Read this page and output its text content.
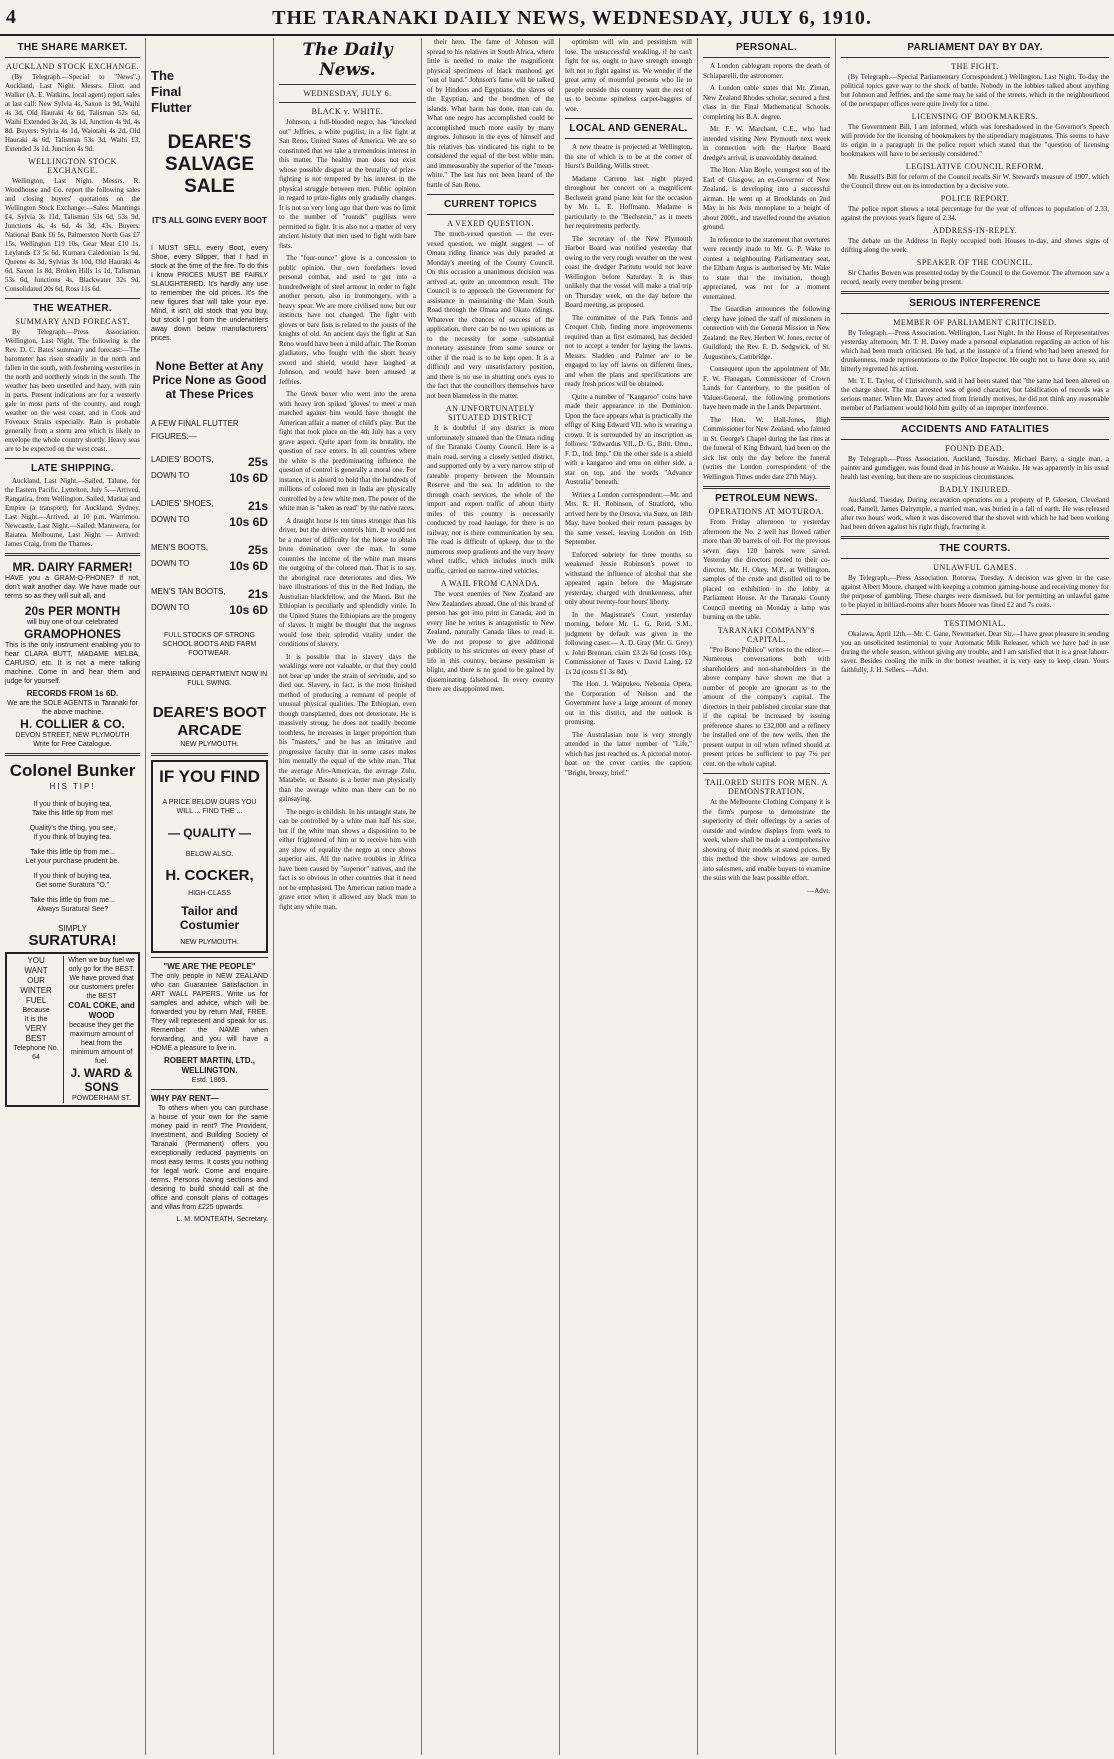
4	THE TARANAKI DAILY NEWS, WEDNESDAY, JULY 6, 1910.
THE SHARE MARKET.
AUCKLAND STOCK EXCHANGE.

(By Telegraph.—Special to "News".) Auckland, Last Night. Messrs. Eliott and Walker (A. E. Watkins, local agent) report sales at last call: New Sylvia 4s, Saxon 1s 9d, Waihi 4s 3d, Old Hauraki 4s 6d, Talisman 52s 6d, Waihi Extended 3s 2d, 3s 1d, Junction 4s 9d, 4s 8d. Buyers: Sylvia 4s 1d, Waiotahi 4s 2d, Old Hauraki 4s 6d, Talisman 53s 3d, Waihi £3, Extended 3s 1d, Junction 4s 9d.

WELLINGTON STOCK EXCHANGE.

Wellington, Last Night. Messrs. R. Woodhouse and Co. report the following sales and closing buyers' quotations on the Wellington Stock Exchange:—Sales: Mannings £4, Sylvia 3s 11d, Talisman 53s 6d, 53s 9d, Junctions 4s, 4s 6d, 4s 3d, 43s. Buyers: National Bank £6 5s, Palmerston North Gas £7 15s, Wellington £19 10s, Gear Meat £10 1s, Leylands £3 5s 6d, Kurnara Caledonian 1s 9d, Queens 4s 3d, Sylvias 3s 10d, Old Hauraki 4s 6d, Saxon 1s 8d, Broken Hills 1s 1d, Talisman 53s 6d, Junctions 4s, Blackwater 32s 9d, Consolidated 20s 6d, Ross 11s 6d.

THE WEATHER.
SUMMARY AND FORECAST.

By Telegraph.—Press Association. Wellington, Last Night. The following is the Rev. D. C. Bates' summary and forecast:—The barometer has risen steadily in the north and fallen in the south, with freshening westerlies in the north and northerly winds in the south. The weather has been unsettled and hazy, with rain in parts. Present indications are for a westerly gale in most parts of the country, and rough weather on the west coast, and in Cook and Foveaux Straits especially. Rain is probable generally from a storm area which is likely to envelope the whole country shortly. Heavy seas are to be expected on the west coast.

LATE SHIPPING.

Auckland, Last Night.—Sailed, Talune, for the Eastern Pacific. Lyttelton, July 5.—Arrived, Rangatira, from Wellington. Sailed, Maritai and Empire (a transport), for Auckland. Sydney, Last Night.—Arrived, at 10 p.m. Warrimoo. Newcastle, Last Night.—Sailed: Manuwera, for Raiatea. Melbourne, Last Night. — Arrived: James Craig, from the Thames.

MR. DAIRY FARMER!

HAVE you a GRAM-O-PHONE? If not, don't wait another day. We have made our terms so as they will suit all, and

20s PER MONTH
will buy one of our celebrated
GRAMOPHONES

This is the only instrument enabling you to hear CLARA BUTT, MADAME MELBA, CARUSO, etc. It is not a mere talking machine. Come in and hear them and judge for yourself.

RECORDS FROM 1s 6D.
We are the SOLE AGENTS in Taranaki for the above machine.
H. COLLIER & CO.
DEVON STREET, NEW PLYMOUTH
Write for Free Catalogue.
Colonel Bunker
HIS TIP!
If you think of buying tea,
Take this little tip from me!
Quality's the thing, you see,
If you think of buying tea.
Take this little tip from me...
Let your purchase prudent be.
If you think of buying tea,
Get some Suratura "O."
Take this little tip from me...
Always Suratura! See?
SIMPLY
SURATURA!
YOU
WANT
OUR
WINTER
FUEL
Because
It is the
VERY
BEST
Telephone No. 64
When we buy fuel we only go for the BEST. We have proved that our customers prefer the BEST
COAL COKE, and WOOD
because they get the maximum amount of heat from the minimum amount of fuel.
J. WARD & SONS
POWDERHAM ST.
The
Final
Flutter
DEARE'S SALVAGE SALE
IT'S ALL GOING EVERY BOOT

I MUST SELL every Boot, every Shoe, every Slipper, that I had in stock at the time of the fire. To do this I know PRICES MUST BE FAIRLY SLAUGHTERED. It's hardly any use to remember the old prices. It's the new figures that will take your eye. Mind, it isn't old stock that you buy, but stock I got from the underwriters away down below manufacturers' prices.

None Better at Any Price None as Good at These Prices
A FEW FINAL FLUTTER FIGURES:—
LADIES' BOOTS,	25s
DOWN TO	10s 6D
LADIES' SHOES,	21s
DOWN TO	10s 6D
MEN'S BOOTS,	25s
DOWN TO	10s 6D
MEN'S TAN BOOTS, 21s
DOWN TO	10s 6D
FULL STOCKS OF STRONG SCHOOL BOOTS AND FARM FOOTWEAR.
REPAIRING DEPARTMENT NOW IN FULL SWING.
DEARE'S BOOT ARCADE
NEW PLYMOUTH.
IF YOU FIND
A PRICE BELOW OURS YOU WILL ... FIND THE ...
— QUALITY —
BELOW ALSO.
H. COCKER,
HIGH-CLASS
Tailor and Costumier
NEW PLYMOUTH.
"WE ARE THE PEOPLE"

The only people in NEW ZEALAND who can Guarantee Satisfaction in ART WALL PAPERS. Write us for samples and advice, which will be forwarded you by return Mail, FREE. They will represent and speak for us. Remember the NAME when forwarding, and you will have a HOME a pleasure to live in.

ROBERT MARTIN, LTD., WELLINGTON.
Estd. 1869.
WHY PAY RENT—

To others when you can purchase a house of your own for the same money paid in rent? The Provident, Investment, and Building Society of Taranaki (Permanent) offers you exceptionally reduced payments on most easy terms. It costs you nothing for legal work. Come and enquire terms. Persons having sections and desiring to build should call at the office and consult plans of cottages and villas from £225 upwards.

L. M. MONTEATH, Secretary.
The Daily News.
WEDNESDAY, JULY 6.
BLACK v. WHITE.

Johnson, a full-blooded negro, has "knocked out" Jeffries, a white pugilist, in a fist fight at San Reno, United States of America. We are so constituted that we take a tremendous interest in this matter. The healthy man does not exist whose possible disgust at the brutality of prize-fighting is not tempered by his interest in the physical struggle between men. Public opinion in regard to prize-fights only gradually changes. It is not so very long ago that there was no limit to the number of "rounds" pugilists were permitted to fight. It is also not a matter of very ancient history that men used to fight with bare fists.

The "four-ounce" glove is a concession to public opinion. Our own forefathers loved personal combat, and used to get into a hundredweight of steel armour in order to fight another person, also in ironmongery, with a heavy spear. We are more civilised now, but our instincts have not changed. The fight with gloves or bare fists is related to the jousts of the knights of old. An ancient days the fight at San Reno would have been a mild affair. The Roman gladiators, who fought with the short heavy sword and shield, would have laughed at Johnson, and would have been amused at Jeffries.

The Greek boxer who went into the arena with heavy iron spiked 'gloves' to meet a man matched against him would have thought the American affair a matter of child's play. But the fight that took place on the 4th July has a very grave aspect. Quite apart from its brutality, the question of race enters. In all countries where the white is the predominating influence the question of control is generally a moral one. For instance, it is absurd to hold that the hundreds of millions of colored men in India are physically controlled by a few white men. The power of the white man is "taken as read" by the native races.

A draught horse is ten times stronger than his driver, but the driver controls him. It would not be a matter of difficulty for the horse to obtain brute domination over the man. In some countries the income of the white man means the outgoing of the colored man. That is to say, the aboriginal race deteriorates and dies. We have illustrations of this in the Red Indian, the Australian blackfellow, and the Maori. But the Ethiopian is peculiarly and splendidly virile. In the United States the Ethiopians are the progeny of slaves. It might be thought that the negroes would lose their splendid vitality under the conditions of slavery.

It is possible that in slavery days the weaklings were not valuable, or that they could not bear up under the strain of servitude, and so died out. Slavery, in fact, is the most finished method of producing a remnant of people of unusual physical qualities. The Ethiopian, even though transplanted, does not deteriorate. He is massively strong, he does not readily become toothless, he increases in larger proportion than his "masters," and he has an imitative and progressive faculty that in some cases makes him mentally the equal of the white man. That the average Afro-American, the average Zulu, Matabele, or Basuto is a better man physically than the average white man there can be no gainsaying.

The negro is childish. In his untaught state, he can be controlled by a white man half his size, but if the white man shows a disposition to be either frightened of him or to receive him with any show of equality the negro at once shows superior airs. All the native troubles in Africa have been caused by "superior" natives, and the fact is so obvious in other countries that it need not be emphasised. The American nation made a grave error when it allowed any black man to fight any white man.

their hero. The fame of Johnson will spread to his relatives in South Africa, where little is needed to make the magnificent physical specimens of black manhood get "out of hand." Johnson's fame will be talked of by Hindoos and Egyptians, the slaves of the Egyptian, and the bondmen of the islands. What harm has done, man can do. What one negro has accomplished could be accomplished much more easily by many negroes. Johnson in the eyes of himself and his relatives has vindicated his right to be considered the equal of the best white man, and immeasurably the superior of the "mean-white." The last has not been heard of the battle of San Reno.

CURRENT TOPICS
A VEXED QUESTION.

The much-vexed question — the ever-vexed question, we might suggest — of Omata riding finance was duly paraded at Monday's meeting of the County Council. On this occasion a unanimous decision was arrived at, quite an uncommon result. The Council is to approach the Government for assistance in maintaining the Main South Road through the Omata and Okato ridings. Whatever the chances of success of the application, there can be no two opinions as to the necessity for some substantial monetary assistance from some source or other if the road is to be kept open. It is a difficult and very unsatisfactory position, and there is no use in shutting one's eyes to the fact that the councillors themselves have not been blameless in the matter.

AN UNFORTUNATELY SITUATED DISTRICT

It is doubtful if any district is more unfortunately situated than the Omata riding of the Taranaki County Council. Here is a main road, serving a closely settled district, and supported only by a very narrow strip of rateable property between the Mountain Reserve and the sea. In addition to the through coach services, the whole of the import and export traffic of about thirty miles of this country is necessarily conducted by road haulage, for there is no railway, nor is there communication by sea. The road is difficult of upkeep, due to the numerous steep gradients and the very heavy wheel traffic, which includes much milk traffic, carried on narrow-tired vehicles.

A WAIL FROM CANADA.

The worst enemies of New Zealand are New Zealanders abroad. One of this brand of person has got into print in Canada, and in every line he writes is antagonistic to New Zealand, naturally Canada likes to read it. We do not propose to give additional publicity to his strictures on every phase of life in this country, because pessimism is blight, and there is no good to be gained by disseminating falsehood. In every country there are disappointed men.

optimism will win and pessimism will lose. The unsuccessful weakling, if he can't fight for us, ought to have strength enough left not to fight against us. We wonder if the great army of mournful persons who lie to people outside this country want the rest of us to become spineless carpet-baggers of woe.

LOCAL AND GENERAL.

A new theatre is projected at Wellington, the site of which is to be at the corner of Hurst's Building, Willis street.

Madame Carreno last night played throughout her concert on a magnificent Bechstein grand piano lent for the occasion by Mr. L. E. Hoffmann. Madame is particularly to the "Bechstein," as it meets her requirements perfectly.

The secretary of the New Plymouth Harbor Board was notified yesterday that owing to the very rough weather on the west coast the dredger Paritutu would not leave Wellington before Saturday. It is thus unlikely that the vessel will make a trial trip on Thursday week, on the day before the Board meeting, as proposed.

The committee of the Park Tennis and Croquet Club, finding more improvements required than at first estimated, has decided not to accept a tender for laying the lawns. Messrs. Sladden and Palmer are to be engaged to lay off lawns on different lines, and when the plans and specifications are ready fresh prices will be obtained.

Quite a number of "Kangaroo" coins have made their appearance in the Dominion. Upon the face appears what is practically the effigy of King Edward VII, who is wearing a crown. It is surrounded by an inscription as follows: "Edwardus VII., D. G., Britt. Omn., F. D., Ind. Imp." On the other side is a shield with a kangaroo and emu on either side, a star on top, and the words "Advance Australia" beneath.

Writes a London correspondent:—Mr. and Mrs. R. H. Robinson, of Stratford, who arrived here by the Orsova, via Suez, on 18th May, have booked their return passages by the same vessel, leaving London on 16th September.

Enforced sobriety for three months so weakened Jessie Robinson's power to withstand the influence of alcohol that she appeared again before the Magistrate yesterday, charged with drunkenness, after only about twenty-four hours' liberty.

In the Magistrate's Court yesterday morning, before Mr. L. G. Reid, S.M., judgment by default was given in the following cases:— A. D. Gray (Mr. G. Grey) v. John Brennan, claim £3 2s 6d (costs 10s); Commissioner of Taxes v. David Laing, £2 1s 2d (costs £1 3s 8d).

The Hon. J. Waipukeo, Nelsonia Opera, the Corporation of Nelson and the Government have a large amount of money out in this district, and the outlook is promising.

The Australasian note is very strongly attended in the latter number of "Life," which has just reached us. A pictorial motor-boat on the cover carries the caption: "Bright, breezy, brief."

PERSONAL.

A London cablegram reports the death of Schiaparelli, the astronomer.

A London cable states that Mr. Ziman, New Zealand Rhodes scholar, secured a first class in the Final Mathematical Schools, completing his B.A. degree.

Mr. F. W. Marchant, C.E., who had intended visiting New Plymouth next week in connection with the Harbor Board dredge's arrival, is unavoidably detained.

The Hon. Alan Boyle, youngest son of the Earl of Glasgow, an ex-Governor of New Zealand, is developing into a successful airman. He went up at Brooklands on 2nd May in his Avis monoplane to a height of about 200ft., and travelled round the aviation ground.

In reference to the statement that overtures were recently made to Mr. G. P. Wake to contest a neighbouring Parliamentary seat, the Eltham Argus is authorised by Mr. Wake to state that the invitation, though appreciated, was not for a moment entertained.

The Guardian announces the following clergy have joined the staff of missioners in connection with the General Mission in New Zealand: the Rev. Herbert W. Jones, rector of Guildford; the Rev. E. D. Sedgwick, of St. Augustine's, Cambridge.

Consequent upon the appointment of Mr. F. W. Flanagan, Commissioner of Crown Lands for Canterbury, to the position of Valuer-General, the following promotions have been made in the Lands Department.

The Hon. W. Hall-Jones, High Commissioner for New Zealand, who fainted in St. George's Chapel during the last rites at the funeral of King Edward, had been on the sick list only the day before the funeral (writes the London correspondent of the Wellington Times under date 27th May).

PETROLEUM NEWS.
OPERATIONS AT MOTUROA.

From Friday afternoon to yesterday afternoon the No. 2 well has flowed rather more than 30 barrels of oil. For the previous seven days 120 barrels were saved. Yesterday the directors posted to their co-director, Mr. H. Okey, M.P., at Wellington, samples of the crude and distilled oil to be placed on exhibition in the lobby at Parliament House. At the Taranaki County Council meeting on Monday a lamp was burning on the table.

TARANAKI COMPANY'S CAPITAL.

"Pro Bono Publico" writes to the editor:—Numerous conversations both with shareholders and non-shareholders in the above company have shown me that a number of people are ignorant as to the amount of the company's capital. The directors in their published circular state that if the capital be increased by issuing preference shares to £32,000 and a refinery be installed one of the new wells, then the present output in oil when refined should at present prices be sufficient to pay 7½ per cent. on the whole capital.

TAILORED SUITS FOR MEN. A DEMONSTRATION.

At the Melbourne Clothing Company it is the firm's purpose to demonstrate the superiority of their offerings by a series of outside and window displays from week to week, where shall be made a comprehensive showing of their models at stated prices. By this method the show windows are turned into salesmen, and enable buyers to examine the suits with the least possible effort.

—Advt.

PARLIAMENT DAY BY DAY.
THE FIGHT.

(By Telegraph.—Special Parliamentary Correspondent.) Wellington, Last Night. To-day the political topics gave way to the shock of battle. Nobody in the lobbies talked about anything but Johnson and Jeffries, and the same may be said of the streets, which in the neighbourhood of the newspaper offices were quite lively for a time.

LICENSING OF BOOKMAKERS.

The Government Bill, I am informed, which was foreshadowed in the Governor's Speech will provide for the licensing of bookmakers by the stipendiary magistrates. This seems to have its origin in a paragraph in the police report which stated that the "question of licensing bookmakers will have to be seriously considered."

LEGISLATIVE COUNCIL REFORM.

Mr. Russell's Bill for reform of the Council recalls Sir W. Steward's measure of 1907, which the Council threw out on its introduction by a decisive vote.

POLICE REPORT.

The police report shows a total percentage for the year of offences to population of 2.33, against the previous year's figure of 2.34.

ADDRESS-IN-REPLY.

The debate on the Address in Reply occupied both Houses to-day, and shows signs of drifting along the week.

SPEAKER OF THE COUNCIL.

Sir Charles Bowen was presented today by the Council to the Governor. The afternoon saw a record, nearly every member being present.

SERIOUS INTERFERENCE
MEMBER OF PARLIAMENT CRITICISED.

By Telegraph.—Press Association. Wellington, Last Night. In the House of Representatives yesterday afternoon, Mr. T. H. Davey made a personal explanation regarding an action of his which had been much criticised. He had, at the instance of a friend who had been arrested for drunkenness, made representations to the Police Inspector. He ought not to have done so, and bitterly regretted his action.

Mr. T. E. Taylor, of Christchurch, said it had been stated that "the same had been altered on the charge sheet. The man arrested was of good character, but falsification of records was a serious matter. When Mr. Davey acted from friendly motives, he did not think any reasonable member of Parliament would hold him guilty of an improper interference.

ACCIDENTS AND FATALITIES
FOUND DEAD.

By Telegraph.—Press Association. Auckland, Tuesday. Michael Barry, a single man, a painter and gumdigger, was found dead in his house at Waiuku. He was apparently in his usual health last evening, but there are no suspicious circumstances.

BADLY INJURED.

Auckland, Tuesday. During excavation operations on a property of P. Gleeson, Cleveland road, Parnell, James Dalrymple, a married man, was buried in a fall of earth. He was released after two hours' work, when it was discovered that the shovel with which he had been working had been driven against his right thigh, fracturing it.

THE COURTS.
UNLAWFUL GAMES.

By Telegraph.—Press Association. Rotorua, Tuesday. A decision was given in the case against Albert Moore, charged with keeping a common gaming-house and receiving money for the purpose of gambling. These charges were dismissed, but for permitting an unlawful game to be played in billiard-rooms after hours Moore was fined £2 and 7s costs.

TESTIMONIAL.

Okaiawa, April 12th.—Mr. C. Gane, Newmarket. Dear Sir,—I have great pleasure in sending you an unsolicited testimonial to your Automatic Milk Releaser, which we have had in use during the whole season, without giving any trouble, and I am satisfied that it is a great labour-saver. Besides cooling the milk in the bottest weather, it is very easy to keep clean. Yours faithfully, J. H. Sellers.—Advt.
